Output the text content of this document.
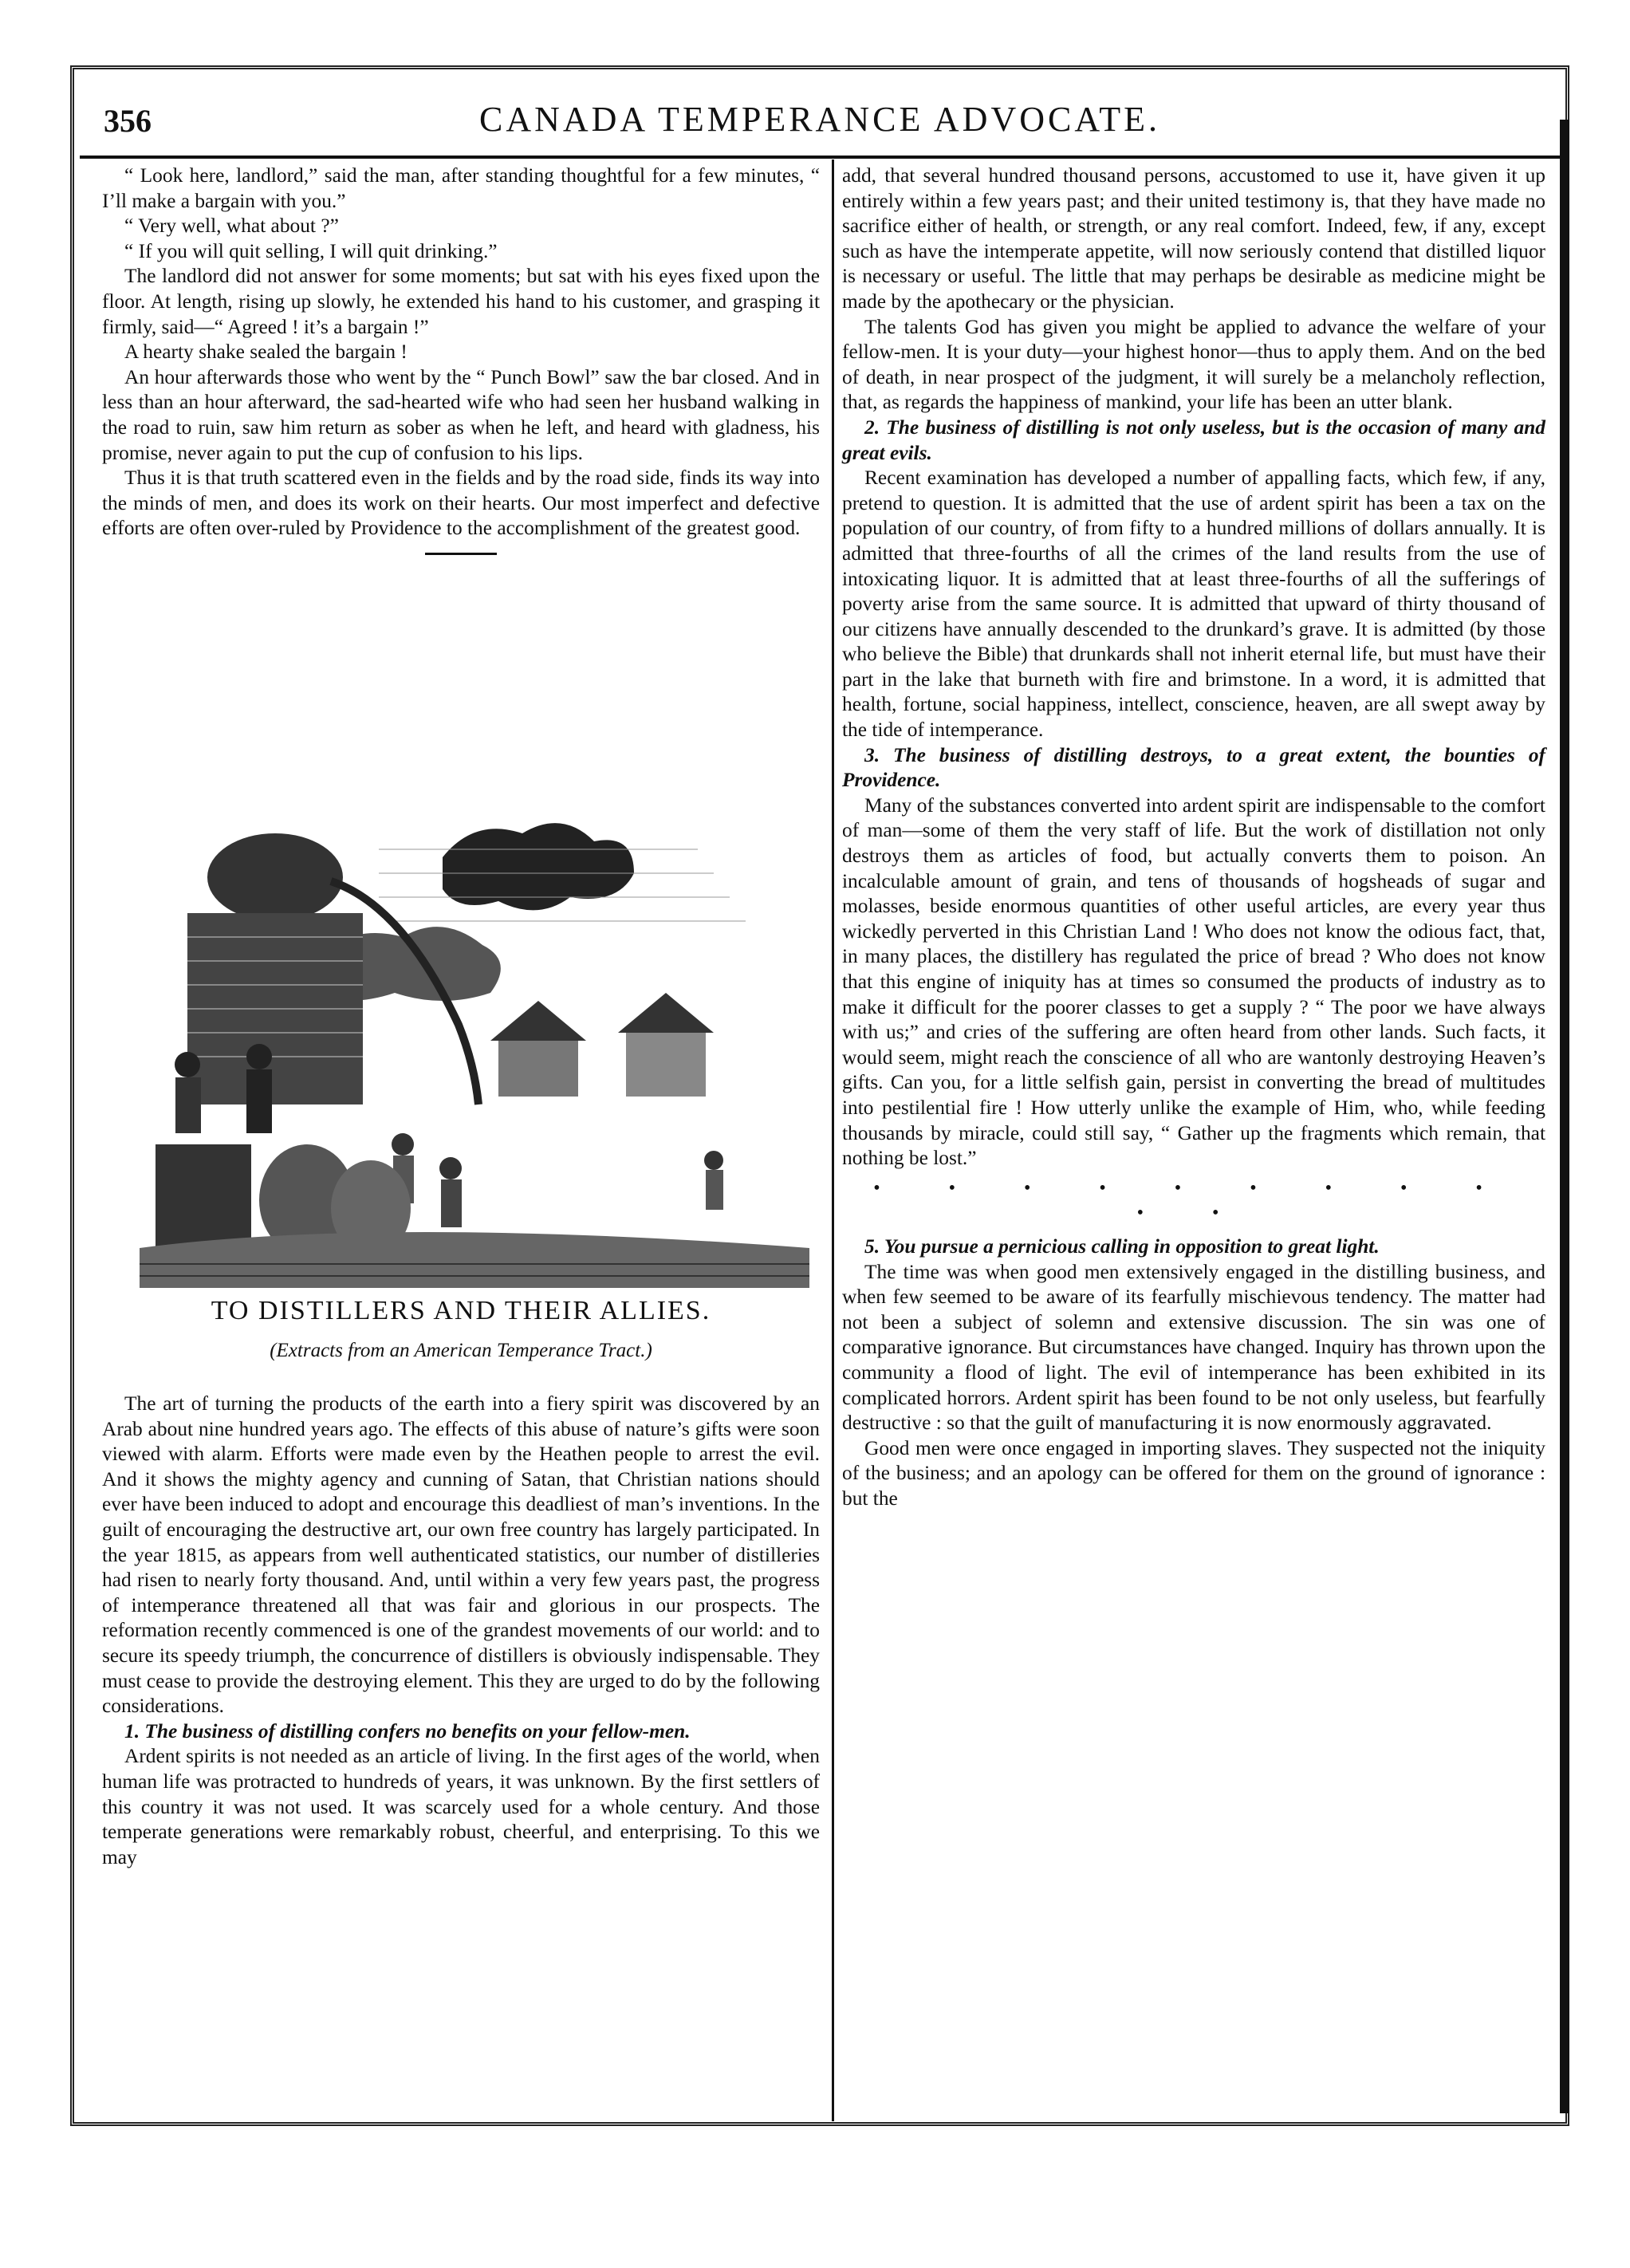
356	CANADA TEMPERANCE ADVOCATE.

“ Look here, landlord,” said the man, after standing thoughtful for a few minutes, “ I’ll make a bargain with you.”

“ Very well, what about ?”

“ If you will quit selling, I will quit drinking.”

The landlord did not answer for some moments; but sat with his eyes fixed upon the floor. At length, rising up slowly, he extended his hand to his customer, and grasping it firmly, said—“ Agreed ! it’s a bargain !”

A hearty shake sealed the bargain !

An hour afterwards those who went by the “ Punch Bowl” saw the bar closed. And in less than an hour afterward, the sad-hearted wife who had seen her husband walking in the road to ruin, saw him return as sober as when he left, and heard with gladness, his promise, never again to put the cup of confusion to his lips.

Thus it is that truth scattered even in the fields and by the road side, finds its way into the minds of men, and does its work on their hearts. Our most imperfect and defective efforts are often over-ruled by Providence to the accomplishment of the greatest good.

TO DISTILLERS AND THEIR ALLIES.
(Extracts from an American Temperance Tract.)

The art of turning the products of the earth into a fiery spirit was discovered by an Arab about nine hundred years ago. The effects of this abuse of nature’s gifts were soon viewed with alarm. Efforts were made even by the Heathen people to arrest the evil. And it shows the mighty agency and cunning of Satan, that Christian nations should ever have been induced to adopt and encourage this deadliest of man’s inventions. In the guilt of encouraging the destructive art, our own free country has largely participated. In the year 1815, as appears from well authenticated statistics, our number of distilleries had risen to nearly forty thousand. And, until within a very few years past, the progress of intemperance threatened all that was fair and glorious in our prospects. The reformation recently commenced is one of the grandest movements of our world: and to secure its speedy triumph, the concurrence of distillers is obviously indispensable. They must cease to provide the destroying element. This they are urged to do by the following considerations.

1. The business of distilling confers no benefits on your fellow-men.

Ardent spirits is not needed as an article of living. In the first ages of the world, when human life was protracted to hundreds of years, it was unknown. By the first settlers of this country it was not used. It was scarcely used for a whole century. And those temperate generations were remarkably robust, cheerful, and enterprising. To this we may

add, that several hundred thousand persons, accustomed to use it, have given it up entirely within a few years past; and their united testimony is, that they have made no sacrifice either of health, or strength, or any real comfort. Indeed, few, if any, except such as have the intemperate appetite, will now seriously contend that distilled liquor is necessary or useful. The little that may perhaps be desirable as medicine might be made by the apothecary or the physician.

The talents God has given you might be applied to advance the welfare of your fellow-men. It is your duty—your highest honor—thus to apply them. And on the bed of death, in near prospect of the judgment, it will surely be a melancholy reflection, that, as regards the happiness of mankind, your life has been an utter blank.

2. The business of distilling is not only useless, but is the occasion of many and great evils.

Recent examination has developed a number of appalling facts, which few, if any, pretend to question. It is admitted that the use of ardent spirit has been a tax on the population of our country, of from fifty to a hundred millions of dollars annually. It is admitted that three-fourths of all the crimes of the land results from the use of intoxicating liquor. It is admitted that at least three-fourths of all the sufferings of poverty arise from the same source. It is admitted that upward of thirty thousand of our citizens have annually descended to the drunkard’s grave. It is admitted (by those who believe the Bible) that drunkards shall not inherit eternal life, but must have their part in the lake that burneth with fire and brimstone. In a word, it is admitted that health, fortune, social happiness, intellect, conscience, heaven, are all swept away by the tide of intemperance.

3. The business of distilling destroys, to a great extent, the bounties of Providence.

Many of the substances converted into ardent spirit are indispensable to the comfort of man—some of them the very staff of life. But the work of distillation not only destroys them as articles of food, but actually converts them to poison. An incalculable amount of grain, and tens of thousands of hogsheads of sugar and molasses, beside enormous quantities of other useful articles, are every year thus wickedly perverted in this Christian Land ! Who does not know the odious fact, that, in many places, the distillery has regulated the price of bread ? Who does not know that this engine of iniquity has at times so consumed the products of industry as to make it difficult for the poorer classes to get a supply ? “ The poor we have always with us;” and cries of the suffering are often heard from other lands. Such facts, it would seem, might reach the conscience of all who are wantonly destroying Heaven’s gifts. Can you, for a little selfish gain, persist in converting the bread of multitudes into pestilential fire ! How utterly unlike the example of Him, who, while feeding thousands by miracle, could still say, “ Gather up the fragments which remain, that nothing be lost.”

• • • • • • • • • • •

5. You pursue a pernicious calling in opposition to great light.

The time was when good men extensively engaged in the distilling business, and when few seemed to be aware of its fearfully mischievous tendency. The matter had not been a subject of solemn and extensive discussion. The sin was one of comparative ignorance. But circumstances have changed. Inquiry has thrown upon the community a flood of light. The evil of intemperance has been exhibited in its complicated horrors. Ardent spirit has been found to be not only useless, but fearfully destructive : so that the guilt of manufacturing it is now enormously aggravated.

Good men were once engaged in importing slaves. They suspected not the iniquity of the business; and an apology can be offered for them on the ground of ignorance : but the
